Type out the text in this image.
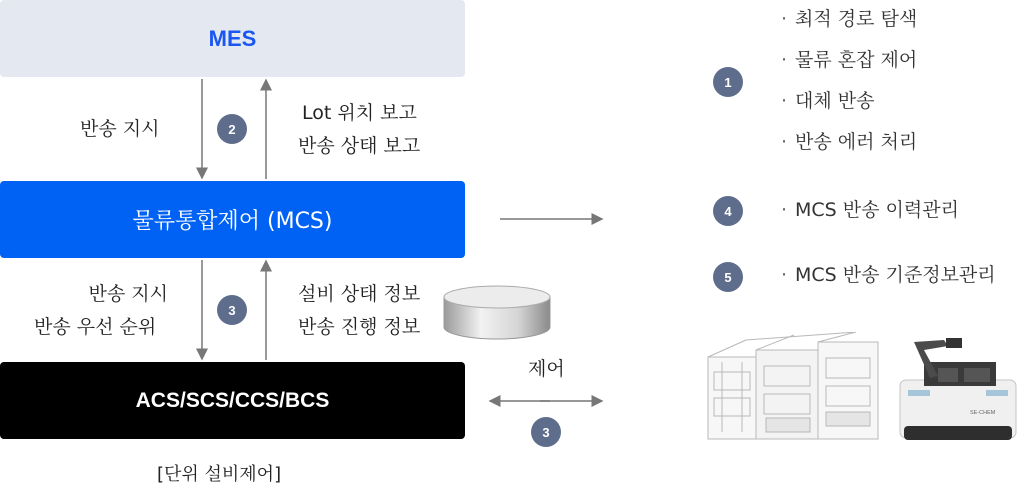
MES
물류통합제어 (MCS)
ACS/SCS/CCS/BCS
반송 지시	2
Lot 위치 보고
반송 상태 보고
반송 지시
반송 우선 순위
3
설비 상태 정보
반송 진행 정보
제어
3
[단위 설비제어]
1
· 최적 경로 탐색
· 물류 혼잡 제어
· 대체 반송
· 반송 에러 처리
4	· MCS 반송 이력관리
5	· MCS 반송 기준정보관리
SE-CHEM
